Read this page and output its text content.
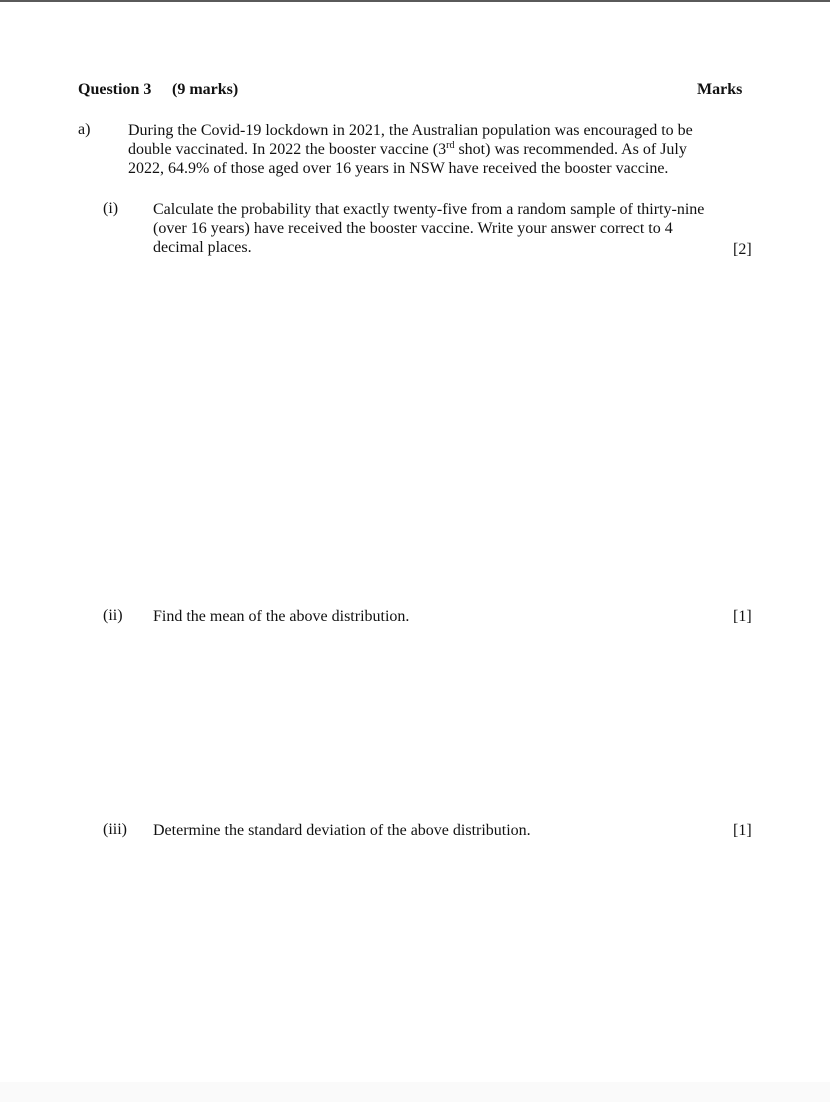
Question 3 (9 marks)	Marks
a) During the Covid-19 lockdown in 2021, the Australian population was encouraged to be
double vaccinated. In 2022 the booster vaccine (3rd shot) was recommended. As of July
2022, 64.9% of those aged over 16 years in NSW have received the booster vaccine.
(i) Calculate the probability that exactly twenty-five from a random sample of thirty-nine
(over 16 years) have received the booster vaccine. Write your answer correct to 4
decimal places.	[2]
(ii) Find the mean of the above distribution.	[1]
(iii) Determine the standard deviation of the above distribution.	[1]
